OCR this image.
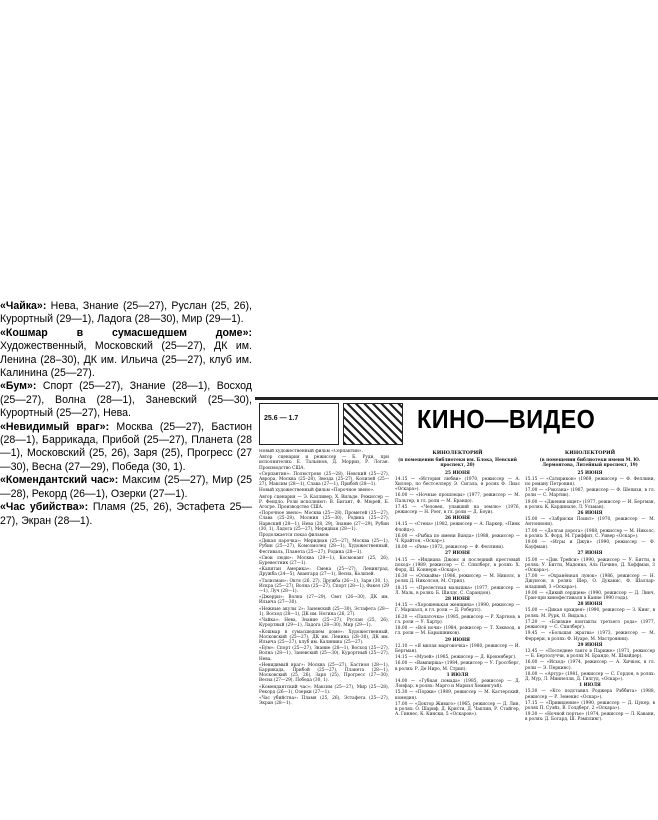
«Чайка»: Нева, Знание (25—27), Руслан (25, 26), Курортный (29—1), Ладога (28—30), Мир (29—1).

«Кошмар в сумасшедшем доме»: Художественный, Московский (25—27), ДК им. Ленина (28–30), ДК им. Ильича (25—27), клуб им. Калинина (25—27).

«Бум»: Спорт (25—27), Знание (28—1), Восход (25—27), Волна (28—1), Заневский (25—30), Курортный (25—27), Нева.

«Невидимый враг»: Москва (25—27), Бастион (28—1), Баррикада, Прибой (25—27), Планета (28—1), Московский (25, 26), Заря (25), Прогресс (27—30), Весна (27—29), Победа (30, 1).

«Комендантский час»: Максим (25—27), Мир (25—28), Рекорд (26—1), Озерки (27—1).

«Час убийства»: Пламя (25, 26), Эстафета 25—27), Экран (28—1).

25.6 — 1.7	КИНО—ВИДЕО

Новый художественный фильм «Серпантин».

Автор сценария и режиссер — Б. Руди, при исполнителях: Е. Тальянов, Д. Морриз, Р. Логан. Производство США.

«Серпантин»: Полюстрово (25—28), Невский (25—27), Аврора, Москва (25–28), Звезда (25–27), Колизей (25—27), Максим (28—1), Слава (27—1), Прибой (28—1).

Новый художественный фильм «Порочное звено».

Автор сценария — Э. Калливер, Х. Вильде. Режиссер — Р. Фендло. Роли исполняют: В. Бигант, Ф. Мюрей, Б. Агогре. Производство США.

«Порочное звено»: Москва (25—28), Прометей (25—27), Слава (25–28), Молния (25—30), Родина (25—27), Нарвский (28—1), Нева (28, 29), Знание (27—29), Рубин (30, 1), Ладога (25—27), Меридиан (28—1).

Продолжается показ фильмов:

«Дикая парочка»: Меридиан (25—27), Москва (25—1), Рубин (25—27), Комсомолец (28—1), Художественный, Фестиваль, Планета (25—27), Родина (28—1).

«Свои люди»: Москва (29—1), Космонавт (25, 26), Буревестник (27—1).

«Капитан Америка»: Смена (25—27), Ленинград, Дружба (24—5), Авангард (27—1), Весна, Колизей.

«Талисман»: Октя (26, 27), Дружба (26—1), Заря (30, 1), Искра (25—27), Волна (25—27), Спорт (28—1), Факел (29—1), Луч (28—1).

«Джерри»: Волна (27—29), Свет (26—30), ДК им. Ильича (27—30).

«Нежные акулы 2»: Заневский (25—30), Эстафета (28—1), Восход (28—1), ДК им. Ногина (26, 27).

«Чайка»: Нева, Знание (25—27), Руслан (25, 26), Курортный (29—1), Ладога (28—30), Мир (29—1).

«Кошмар в сумасшедшем доме»: Художественный, Московский (25—27), ДК им. Ленина (28–30), ДК им. Ильича (25—27), клуб им. Калинина (25—27).

«Бум»: Спорт (25—27), Знание (28—1), Восход (25—27), Волна (28—1), Заневский (25—30), Курортный (25—27), Нева.

«Невидимый враг»: Москва (25—27), Бастион (28—1), Баррикада, Прибой (25—27), Планета (28—1), Московский (25, 26), Заря (25), Прогресс (27—30), Весна (27—29), Победа (30, 1).

«Комендантский час»: Максим (25—27), Мир (25—28), Рекорд (26—1), Озерки (27—1).

«Час убийства»: Пламя (25, 26), Эстафета (25—27), Экран (28—1).

КИНОЛЕКТОРИЙ
(в помещении библиотеки им. Блока, Невский проспект, 20)

25 ИЮНЯ

14.15 — «История любви» (1970, режиссер — А. Хиллер, по бестселлеру Э. Сигала, в ролях Ф. Лиас «Оскара»).

16.00 — «Ночные прошлецы» (1977, режиссер — М. Пальтер, в гл. роли — М. Брандо).

17.45 — «Человек, упавший на землю» (1976, режиссер — Н. Роег, в гл. роли — Д. Боуи).

26 ИЮНЯ

14.15 — «Стена» (1982, режиссер — А. Паркер, «Пинк Флойд»).

16.00 — «Рыбка по имени Ванда» (1988, режиссер — Ч. Крайтон, «Оскар»).

18.00 — «Рим» (1972, режиссер — Ф. Феллини).

27 ИЮНЯ

14.15 — «Индиана Джонс и последний крестовый поход» (1989, режиссер — С. Спилберг, в ролях: Х. Форд, Ш. Коннери «Оскар»).

16.30 — «Осквайм» (1986, режиссер — М. Николс, в ролях Д. Николсон, М. Стрип).

18.15 — «Прелестная малышка» (1977, режиссер — Л. Маль, в ролях: Б. Шилдс, С. Сарандон).

28 ИЮНЯ

14.15 — «Хорошенькая женщина» (1990, режиссер — Г. Маршалл, в гл. роли — Д. Робертс).

16.20 — «Папаточка» (1985, режиссер — Р. Хартнов, в гл. роли — У. Хартр).

18.00 — «Всё ночи» (1984, режиссер — Т. Хэквоод, в гл. роли — М. Барышников).

29 ИЮНЯ

12.10 — «Я милая маргоночка» (1980, режиссер — И. Бергман).

14.15 — «Музей» (1985, режиссер — Д. Крокенберг).

16.00 — «Вампирша» (1984, режиссер — У. Гроссберг, в ролях: Р. Де Ниро, М. Стрип).

1 ИЮЛЯ

14.00 — «Губная помада» (1985, режиссер — Д. Лонфар, в ролях: Марго и Мариэл Хемингуэй).

15.30 — «Поржи» (1989, режиссер — М. Кастерский, комедия).

17.00 — «Доктор Живаго» (1965, режиссер — Д. Лин, в ролях: О. Шариф, Д. Кристи, Д. Чаплин, Р. Стайгер, А. Гиннес, К. Кински, 5 «Оскаров»).

КИНОЛЕКТОРИЙ
(в помещении библиотеки имени М. Ю. Лермонтова, Литейный проспект, 19)

25 ИЮНЯ

15.15 — «Сатирикон» (1969, режиссер — Ф. Феллини, по роману Петрония).

17.00 — «Роксана» (1987, режиссер — Ф. Шепизи, в гл. роли — С. Мартин).

19.00 — «Дженни ищет» (1977, режиссер — И. Бергман, в ролях: К. Кардинале, Л. Ульман).

26 ИЮНЯ

15.00 — «Забриски Поинт» (1970, режиссер — М. Антониони).

17.00 — «Долгая дорога» (1988, режиссер — М. Николс, в ролях: Х. Форд, М. Гриффит, С. Уивер «Оскар»).

19.00 — «Игры и Джуи» (1990, режиссер — Ф. Кауфман).

27 ИЮНЯ

15.00 — «Дик Трейси» (1990, режиссер — У. Битти, в ролях: У. Битти, Мадонна, Аль Пачино, Д. Хоффман, 3 «Оскара»).

17.00 — «Охранённая лунок» (1986, режиссер — Н. Джуисон, в ролях: Шер, О. Дукакис, Ф. Шаллар-младший, 3 «Оскара»).

19.00 — «Дикий сердцем» (1990, режиссер — Д. Линч, Гран-при кинофестиваля в Канне 1990 года).

28 ИЮНЯ

15.00 — «Дикая орхидея» (1990, режиссер — З. Кинг, в ролях: М. Рурк, О. Видаль).

17.20 — «Близкие контакты третьего рода» (1977, режиссер — С. Спилберг).

19.45 — «Большая жратва» (1973, режиссер — М. Феррери, в ролях: Ф. Нуаре, М. Мастроянни).

29 ИЮНЯ

13.45 — «Последнее танго в Париже» (1971, режиссер — Б. Бертолуччи, в ролях М. Брандо, М. Шнайдер).

16.00 — «Исход» (1974, режиссер — А. Хичкок, в гл. роли — Э. Перкинс).

18.00 — «Артур» (1981, режиссер — С. Гордон, в ролях: Д. Мур, Л. Миннелли, Д. Гилгуд, «Оскар»).

1 ИЮЛЯ

15.30 — «Кто подставил Роджера Рэббита» (1988, режиссер — Р. Земекис «Оскар»).

17.15 — «Привидение» (1990, режиссер — Д. Цукер, в ролях П. Суэйз, В. Голдберг, 2 «Оскара»).

19.30 — «Ночной портье» (1974, режиссер — Л. Кавани, в ролях: Д. Богард, Ш. Рэмплинг).
